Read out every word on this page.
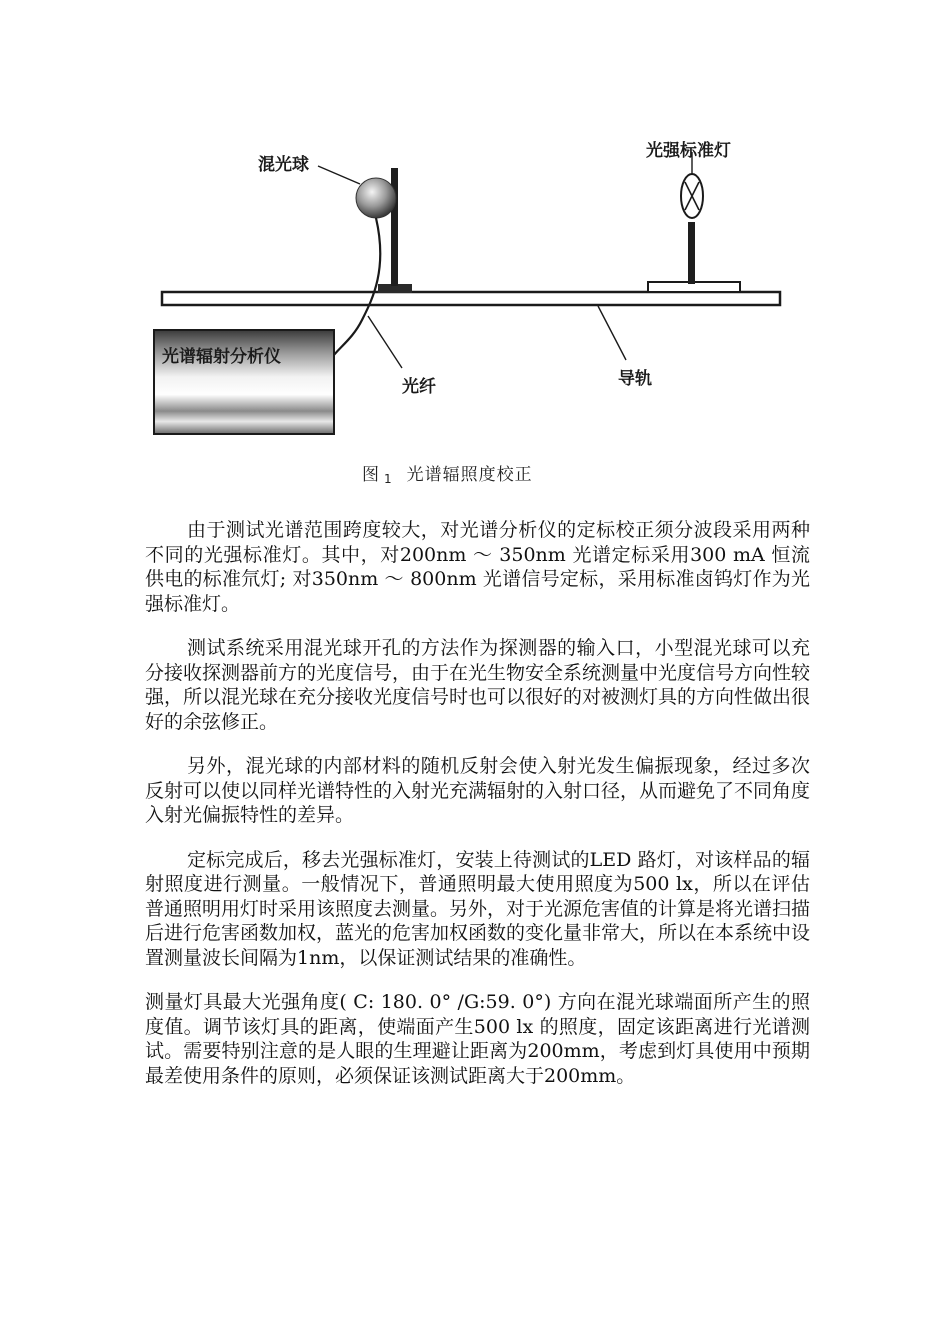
混光球
光强标准灯
光谱辐射分析仪
光纤	导轨
图 1 光谱辐照度校正

由于测试光谱范围跨度较大，对光谱分析仪的定标校正须分波段采用两种不同的光强标准灯。其中，对200nm ～ 350nm 光谱定标采用300 mA 恒流供电的标准氘灯; 对350nm ～ 800nm 光谱信号定标，采用标准卤钨灯作为光强标准灯。

测试系统采用混光球开孔的方法作为探测器的输入口，小型混光球可以充分接收探测器前方的光度信号，由于在光生物安全系统测量中光度信号方向性较强，所以混光球在充分接收光度信号时也可以很好的对被测灯具的方向性做出很好的余弦修正。

另外，混光球的内部材料的随机反射会使入射光发生偏振现象，经过多次反射可以使以同样光谱特性的入射光充满辐射的入射口径，从而避免了不同角度入射光偏振特性的差异。

定标完成后，移去光强标准灯，安装上待测试的LED 路灯，对该样品的辐射照度进行测量。一般情况下，普通照明最大使用照度为500 lx，所以在评估普通照明用灯时采用该照度去测量。另外，对于光源危害值的计算是将光谱扫描后进行危害函数加权，蓝光的危害加权函数的变化量非常大，所以在本系统中设置测量波长间隔为1nm，以保证测试结果的准确性。

测量灯具最大光强角度( C: 180. 0° /G:59. 0°) 方向在混光球端面所产生的照度值。调节该灯具的距离，使端面产生500 lx 的照度，固定该距离进行光谱测试。需要特别注意的是人眼的生理避让距离为200mm，考虑到灯具使用中预期最差使用条件的原则，必须保证该测试距离大于200mm。
